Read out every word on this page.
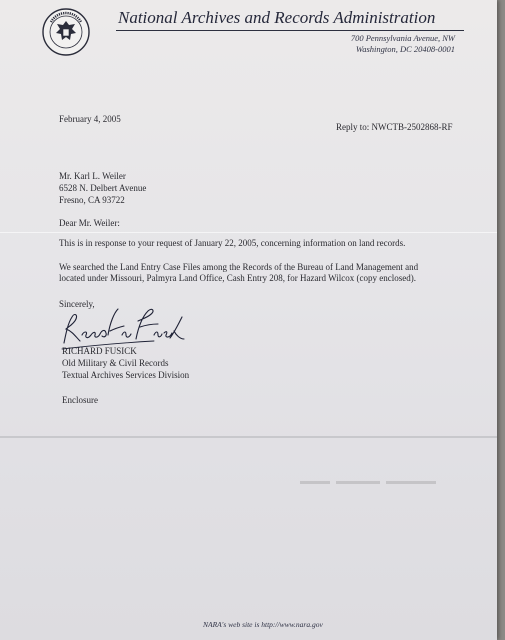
National Archives and Records Administration
700 Pennsylvania Avenue, NW
Washington, DC 20408-0001
February 4, 2005
Reply to: NWCTB-2502868-RF
Mr. Karl L. Weiler
6528 N. Delbert Avenue
Fresno, CA 93722
Dear Mr. Weiler:
This is in response to your request of January 22, 2005, concerning information on land records.
We searched the Land Entry Case Files among the Records of the Bureau of Land Management and
located under Missouri, Palmyra Land Office, Cash Entry 208, for Hazard Wilcox (copy enclosed).
Sincerely,
RICHARD FUSICK
Old Military & Civil Records
Textual Archives Services Division
Enclosure
NARA's web site is http://www.nara.gov
